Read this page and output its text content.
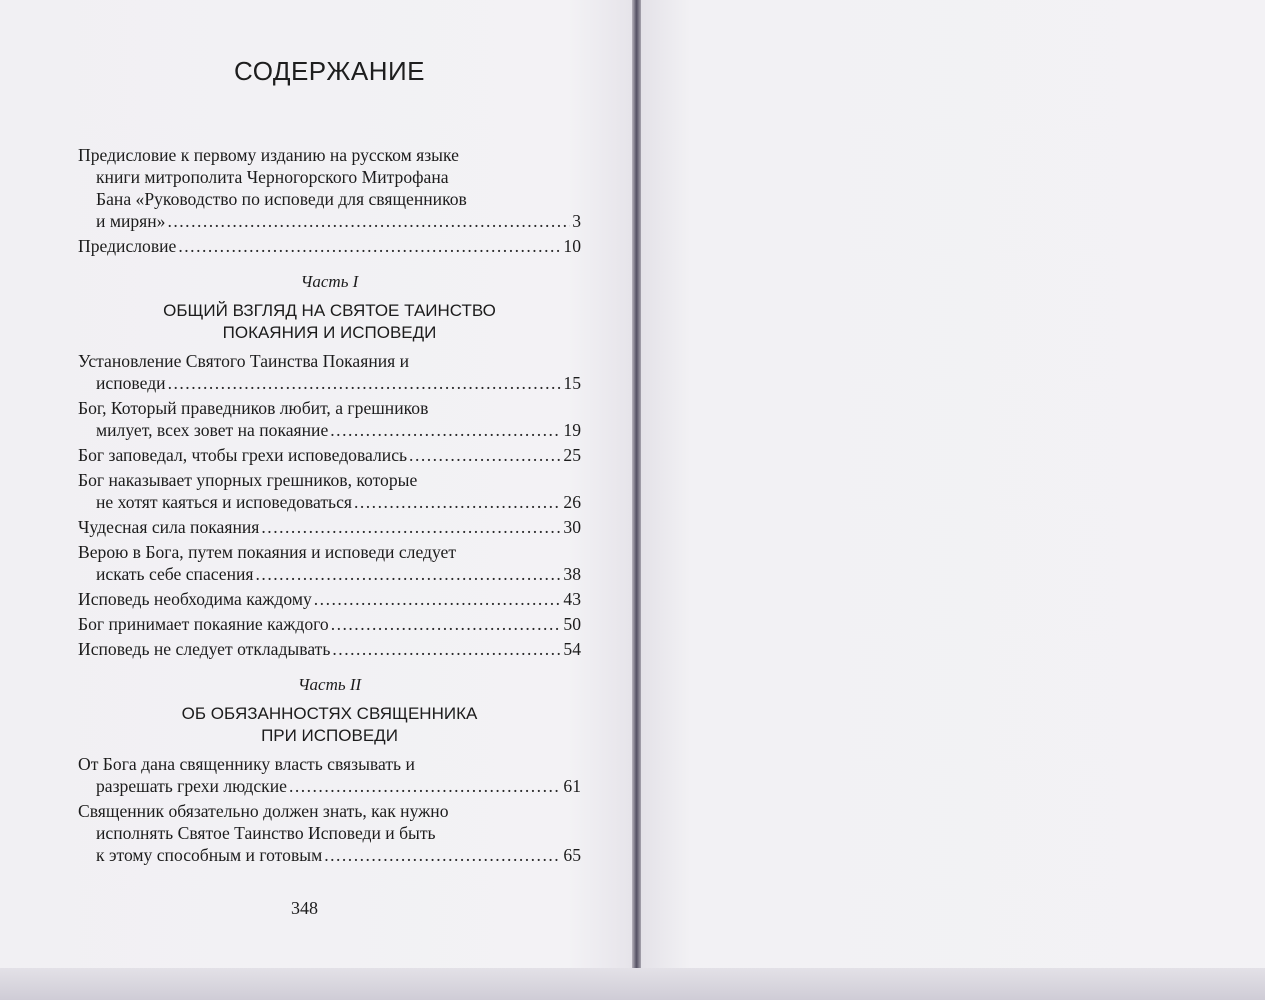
СОДЕРЖАНИЕ
Предисловие к первому изданию на русском языке
книги митрополита Черногорского Митрофана
Бана «Руководство по исповеди для священников
и мирян» .....	3
Предисловие .....	10
Часть I
ОБЩИЙ ВЗГЛЯД НА СВЯТОЕ ТАИНСТВО
ПОКАЯНИЯ И ИСПОВЕДИ
Установление Святого Таинства Покаяния и
исповеди .....	15
Бог, Который праведников любит, а грешников
милует, всех зовет на покаяние .....	19
Бог заповедал, чтобы грехи исповедовались .....	25
Бог наказывает упорных грешников, которые
не хотят каяться и исповедоваться .....	26
Чудесная сила покаяния .....	30
Верою в Бога, путем покаяния и исповеди следует
искать себе спасения .....	38
Исповедь необходима каждому .....	43
Бог принимает покаяние каждого .....	50
Исповедь не следует откладывать .....	54
Часть II
ОБ ОБЯЗАННОСТЯХ СВЯЩЕННИКА
ПРИ ИСПОВЕДИ
От Бога дана священнику власть связывать и
разрешать грехи людские .....	61
Священник обязательно должен знать, как нужно
исполнять Святое Таинство Исповеди и быть
к этому способным и готовым .....	65
348
